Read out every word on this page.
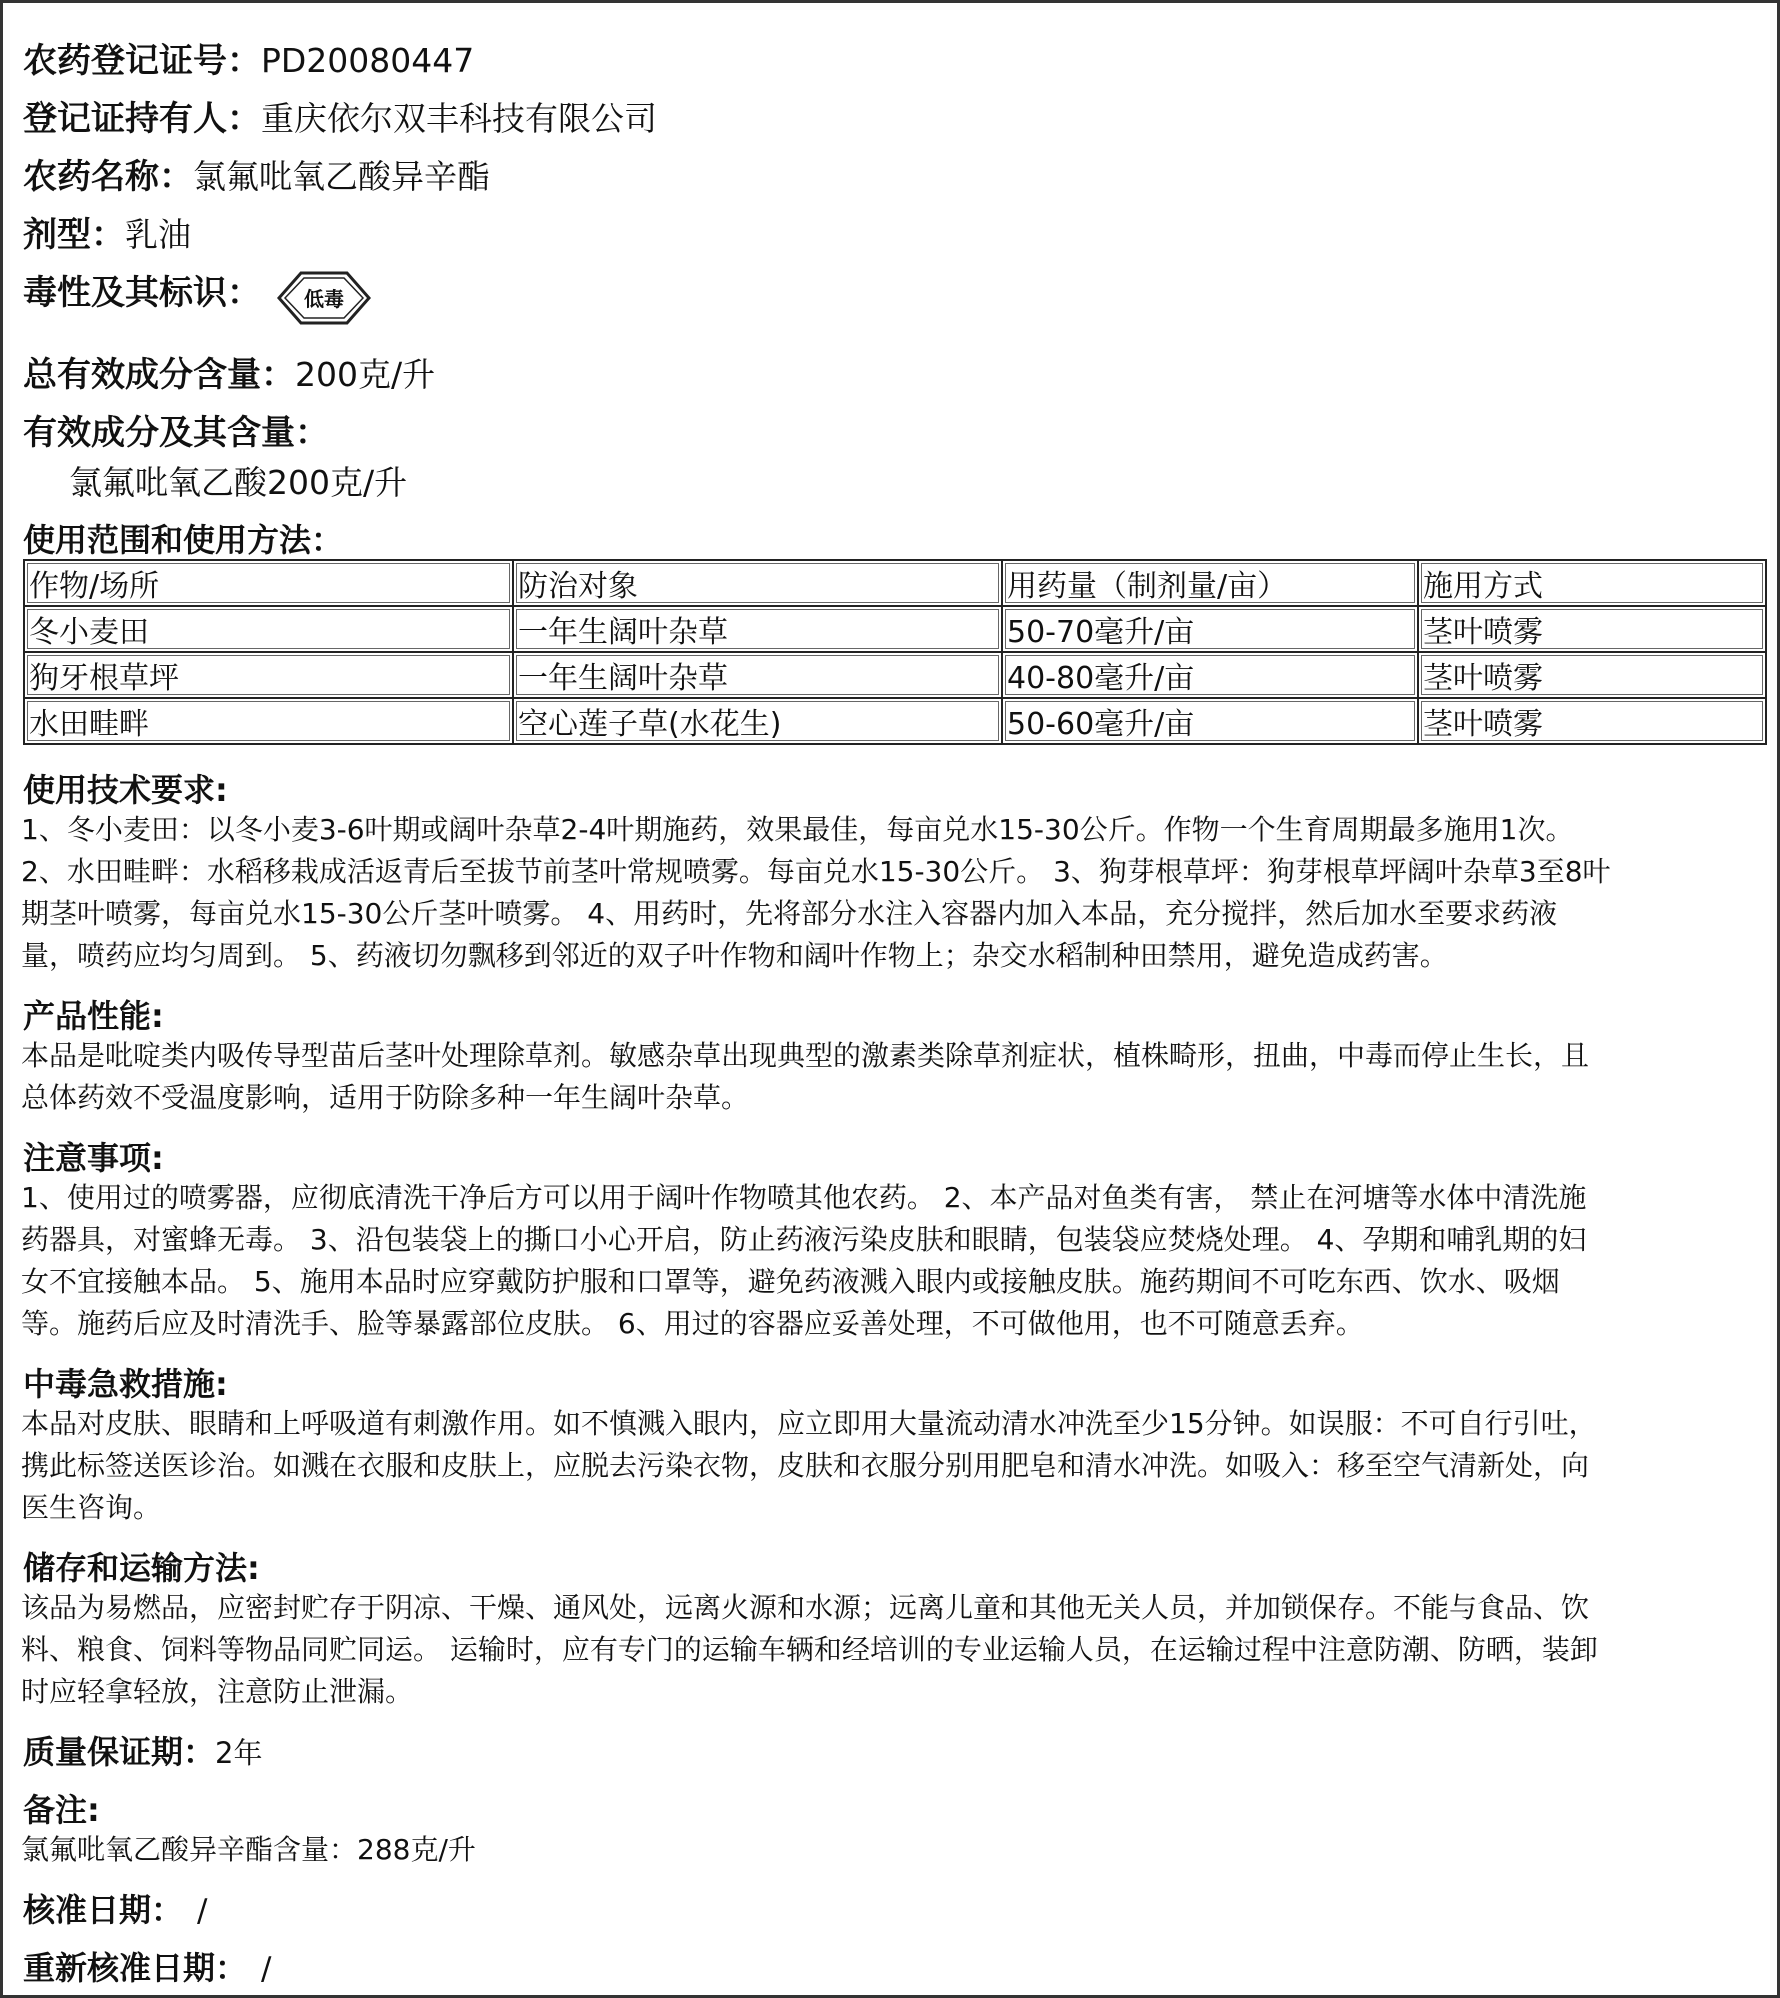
农药登记证号：PD20080447
登记证持有人：重庆依尔双丰科技有限公司
农药名称：氯氟吡氧乙酸异辛酯
剂型：乳油
毒性及其标识： 低毒
总有效成分含量：200克/升
有效成分及其含量：
氯氟吡氧乙酸200克/升
使用范围和使用方法：
作物/场所	防治对象	用药量（制剂量/亩）	施用方式
冬小麦田	一年生阔叶杂草	50-70毫升/亩	茎叶喷雾
狗牙根草坪	一年生阔叶杂草	40-80毫升/亩	茎叶喷雾
水田畦畔	空心莲子草(水花生)	50-60毫升/亩	茎叶喷雾
使用技术要求:
1、冬小麦田：以冬小麦3-6叶期或阔叶杂草2-4叶期施药，效果最佳，每亩兑水15-30公斤。作物一个生育周期最多施用1次。
2、水田畦畔：水稻移栽成活返青后至拔节前茎叶常规喷雾。每亩兑水15-30公斤。 3、狗芽根草坪：狗芽根草坪阔叶杂草3至8叶
期茎叶喷雾，每亩兑水15-30公斤茎叶喷雾。 4、用药时，先将部分水注入容器内加入本品，充分搅拌，然后加水至要求药液
量，喷药应均匀周到。 5、药液切勿飘移到邻近的双子叶作物和阔叶作物上；杂交水稻制种田禁用，避免造成药害。
产品性能:
本品是吡啶类内吸传导型苗后茎叶处理除草剂。敏感杂草出现典型的激素类除草剂症状，植株畸形，扭曲，中毒而停止生长，且
总体药效不受温度影响，适用于防除多种一年生阔叶杂草。
注意事项:
1、使用过的喷雾器，应彻底清洗干净后方可以用于阔叶作物喷其他农药。 2、本产品对鱼类有害， 禁止在河塘等水体中清洗施
药器具，对蜜蜂无毒。 3、沿包装袋上的撕口小心开启，防止药液污染皮肤和眼睛，包装袋应焚烧处理。 4、孕期和哺乳期的妇
女不宜接触本品。 5、施用本品时应穿戴防护服和口罩等，避免药液溅入眼内或接触皮肤。施药期间不可吃东西、饮水、吸烟
等。施药后应及时清洗手、脸等暴露部位皮肤。 6、用过的容器应妥善处理，不可做他用，也不可随意丢弃。
中毒急救措施:
本品对皮肤、眼睛和上呼吸道有刺激作用。如不慎溅入眼内，应立即用大量流动清水冲洗至少15分钟。如误服：不可自行引吐，
携此标签送医诊治。如溅在衣服和皮肤上，应脱去污染衣物，皮肤和衣服分别用肥皂和清水冲洗。如吸入：移至空气清新处，向
医生咨询。
储存和运输方法:
该品为易燃品，应密封贮存于阴凉、干燥、通风处，远离火源和水源；远离儿童和其他无关人员，并加锁保存。不能与食品、饮
料、粮食、饲料等物品同贮同运。 运输时，应有专门的运输车辆和经培训的专业运输人员，在运输过程中注意防潮、防晒，装卸
时应轻拿轻放，注意防止泄漏。
质量保证期：2年
备注:
氯氟吡氧乙酸异辛酯含量：288克/升
核准日期： /
重新核准日期： /
